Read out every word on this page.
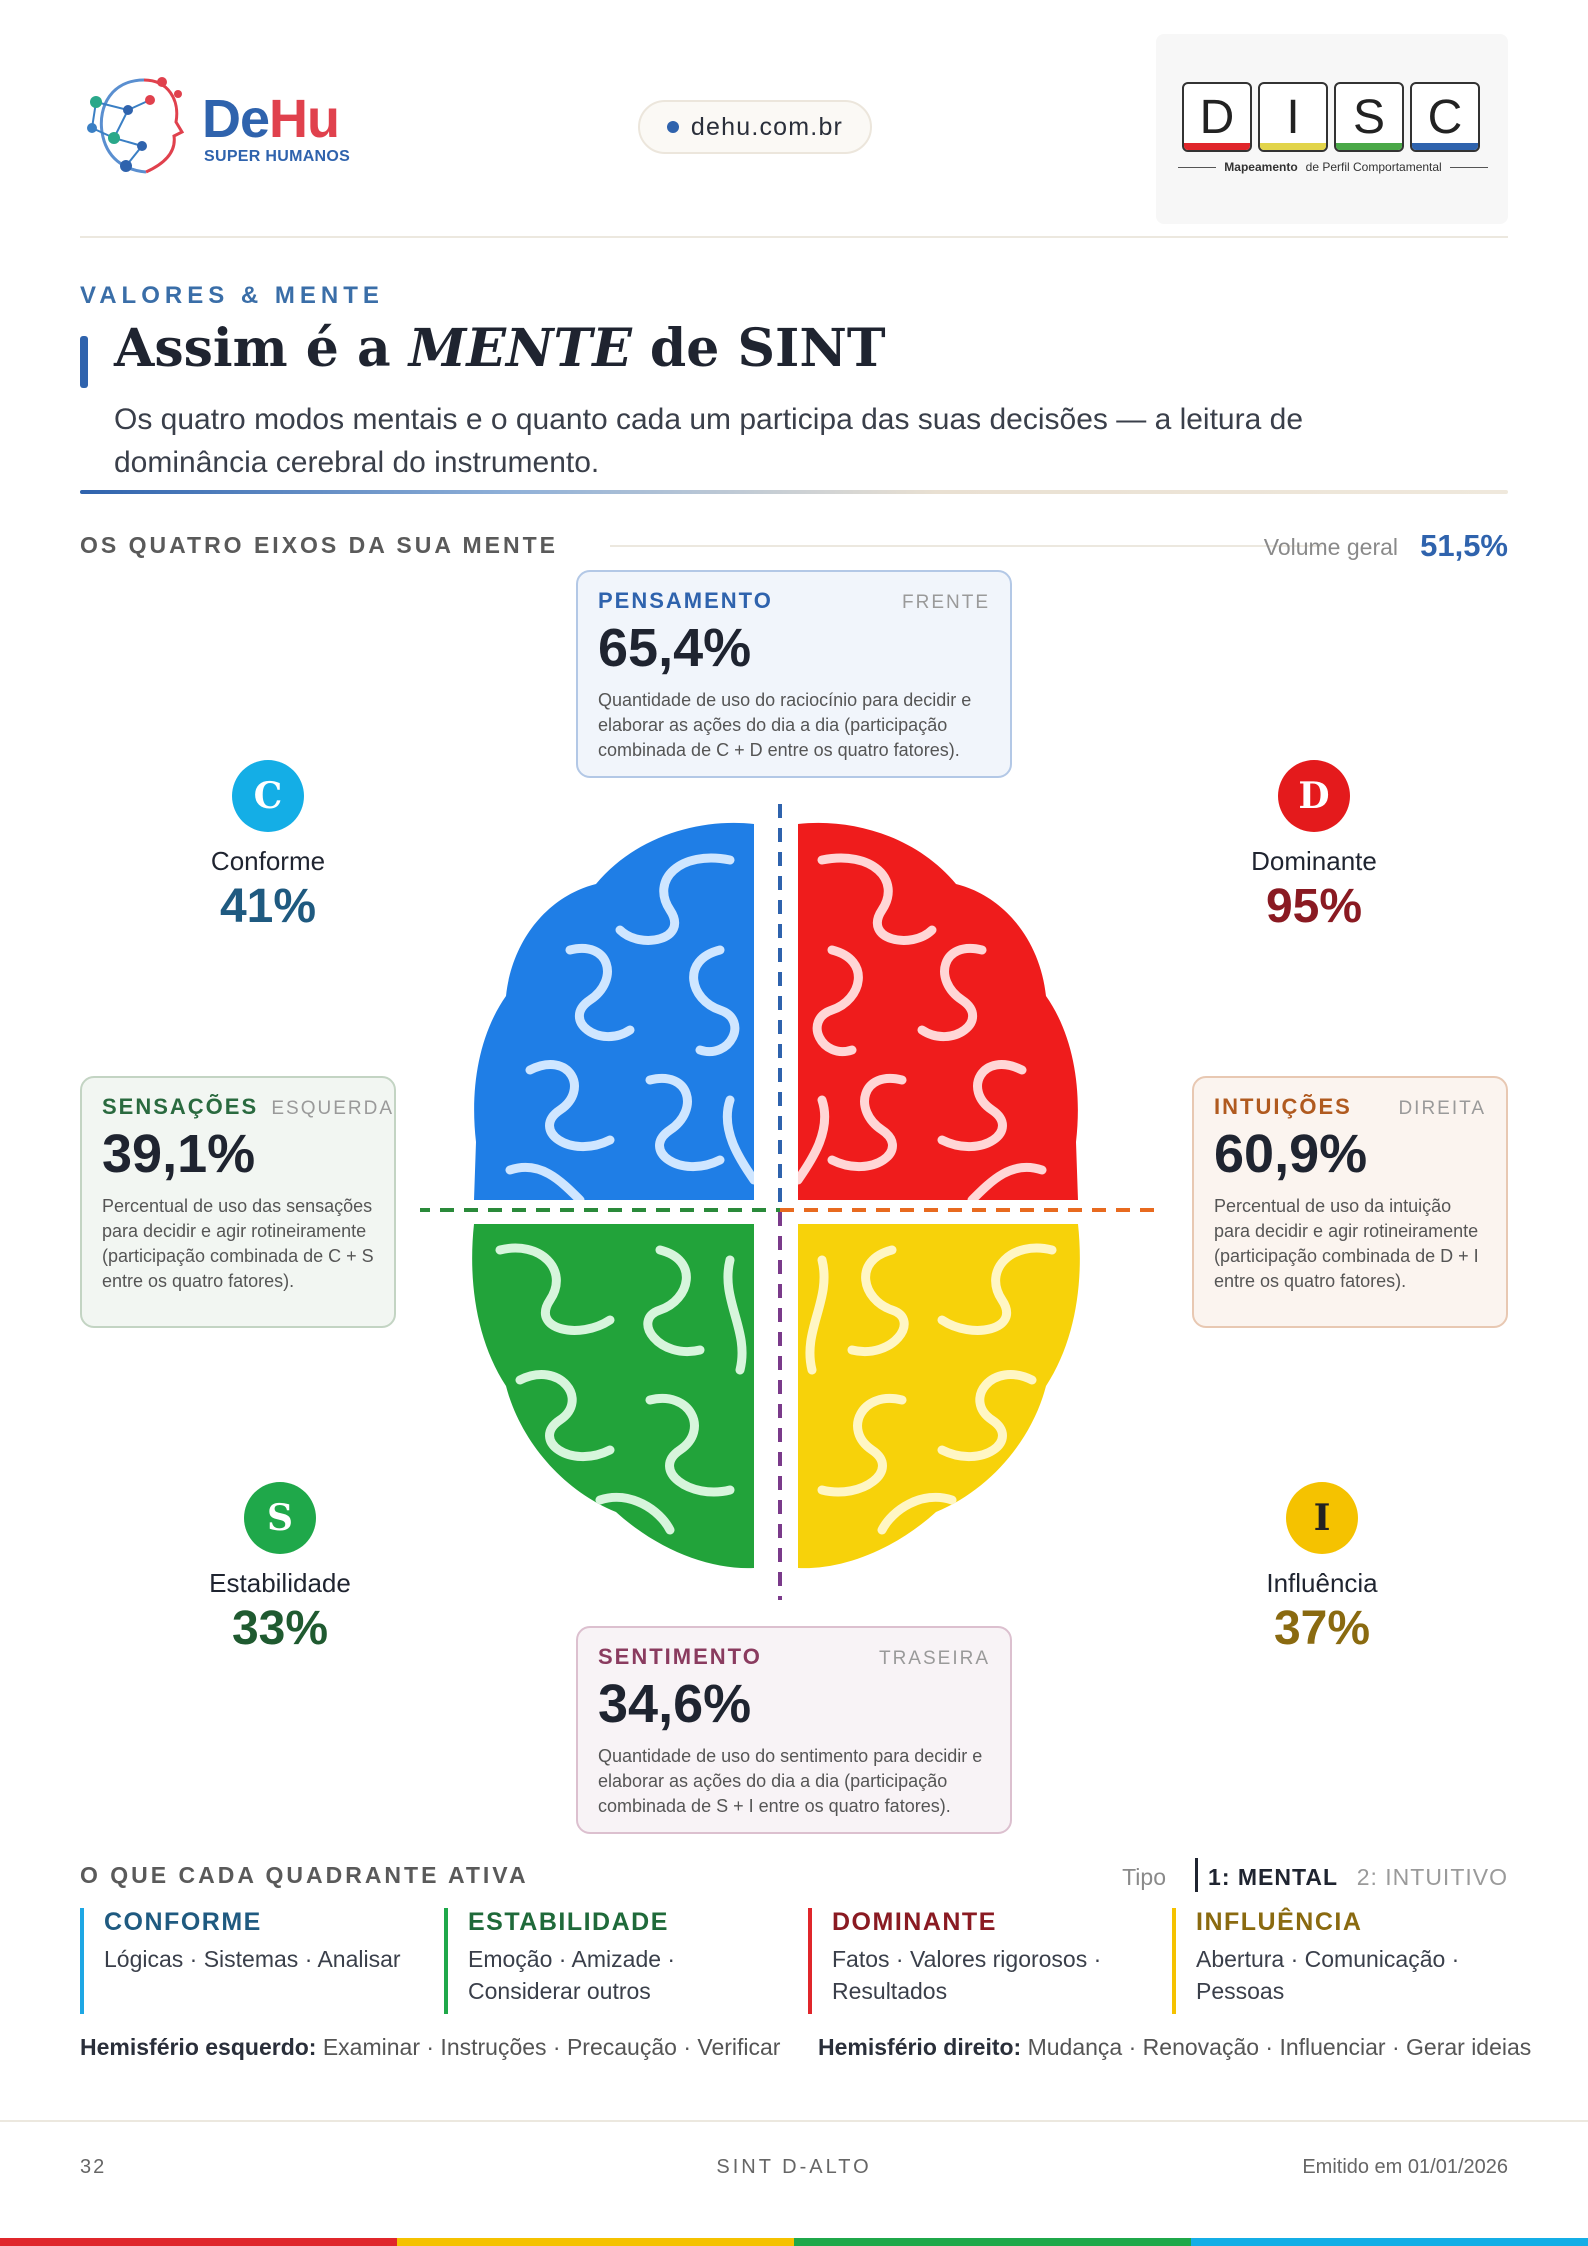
DeHu
SUPER HUMANOS
dehu.com.br	D I S C
Mapeamento de Perfil Comportamental
VALORES & MENTE
Assim é a MENTE de SINT

Os quatro modos mentais e o quanto cada um participa das suas decisões — a leitura de dominância cerebral do instrumento.

OS QUATRO EIXOS DA SUA MENTE	Volume geral 51,5%
PENSAMENTO	FRENTE
65,4%
Quantidade de uso do raciocínio para decidir e elaborar as ações do dia a dia (participação combinada de C + D entre os quatro fatores).
SENSAÇÕES ESQUERDA
39,1%
Percentual de uso das sensações para decidir e agir rotineiramente (participação combinada de C + S entre os quatro fatores).
INTUIÇÕES DIREITA
60,9%
Percentual de uso da intuição para decidir e agir rotineiramente (participação combinada de D + I entre os quatro fatores).
SENTIMENTO	TRASEIRA
34,6%
Quantidade de uso do sentimento para decidir e elaborar as ações do dia a dia (participação combinada de S + I entre os quatro fatores).
C
Conforme
41%
D
Dominante
95%
S
Estabilidade
33%
I
Influência
37%
O QUE CADA QUADRANTE ATIVA	Tipo 1: MENTAL 2: INTUITIVO
CONFORME
Lógicas · Sistemas · Analisar
ESTABILIDADE
Emoção · Amizade · Considerar outros
DOMINANTE
Fatos · Valores rigorosos · Resultados
INFLUÊNCIA
Abertura · Comunicação · Pessoas
Hemisfério esquerdo: Examinar · Instruções · Precaução · Verificar Hemisfério direito: Mudança · Renovação · Influenciar · Gerar ideias
32	SINT D-ALTO	Emitido em 01/01/2026
